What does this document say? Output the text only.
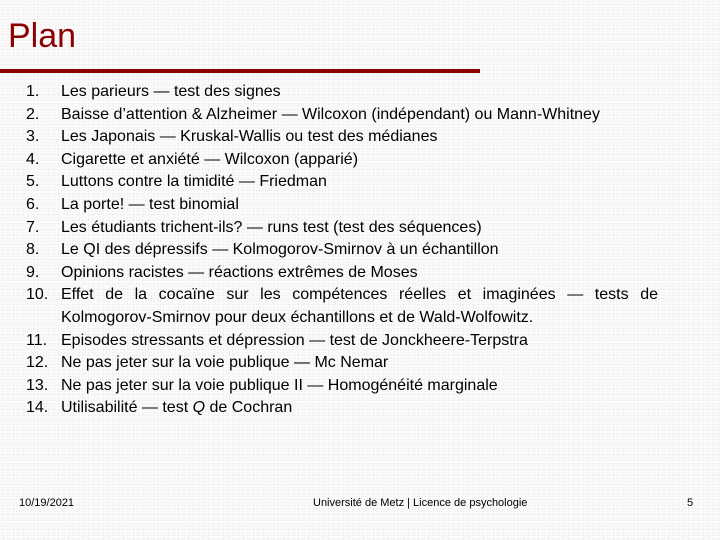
Plan
1.	Les parieurs — test des signes
2.	Baisse d’attention & Alzheimer — Wilcoxon (indépendant) ou Mann-Whitney
3.	Les Japonais — Kruskal-Wallis ou test des médianes
4.	Cigarette et anxiété — Wilcoxon (apparié)
5.	Luttons contre la timidité — Friedman
6.	La porte! — test binomial
7.	Les étudiants trichent-ils? — runs test (test des séquences)
8.	Le QI des dépressifs — Kolmogorov-Smirnov à un échantillon
9.	Opinions racistes — réactions extrêmes de Moses
10. Effet de la cocaïne sur les compétences réelles et imaginées — tests de Kolmogorov-Smirnov pour deux échantillons et de Wald-Wolfowitz.
11. Episodes stressants et dépression — test de Jonckheere-Terpstra
12. Ne pas jeter sur la voie publique — Mc Nemar
13. Ne pas jeter sur la voie publique II — Homogénéité marginale
14. Utilisabilité — test Q de Cochran
10/19/2021	Université de Metz | Licence de psychologie	5
